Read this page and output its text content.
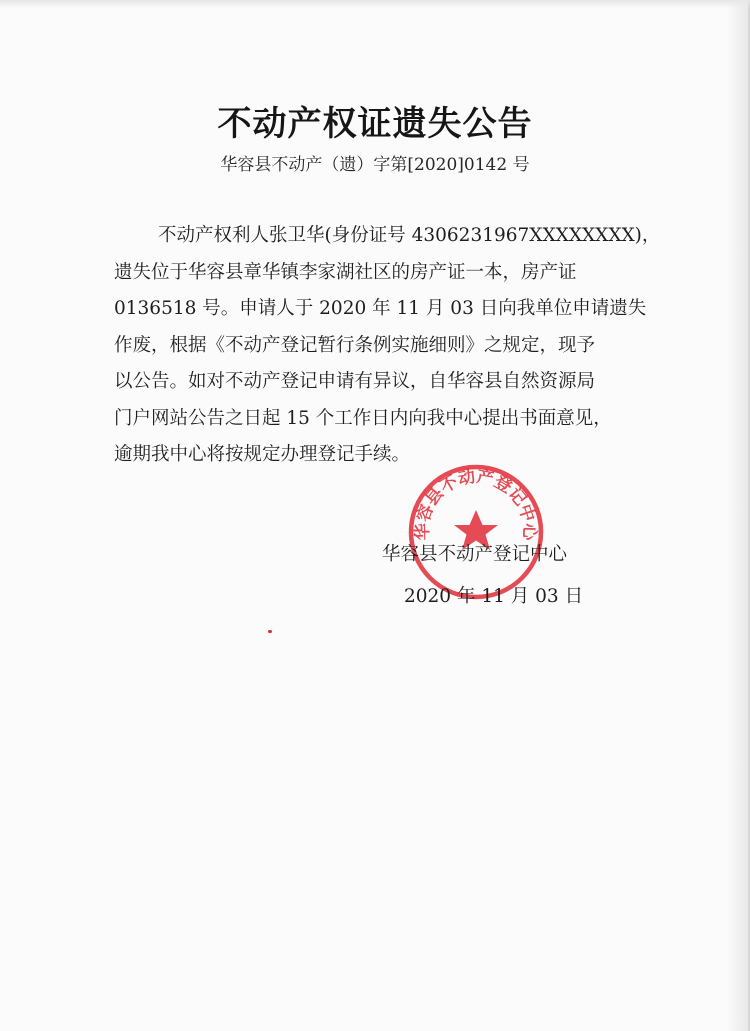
不动产权证遗失公告
华容县不动产（遗）字第[2020]0142 号
不动产权利人张卫华(身份证号 4306231967XXXXXXXX)，
遗失位于华容县章华镇李家湖社区的房产证一本，房产证
0136518 号。申请人于 2020 年 11 月 03 日向我单位申请遗失
作废，根据《不动产登记暂行条例实施细则》之规定，现予
以公告。如对不动产登记申请有异议，自华容县自然资源局
门户网站公告之日起 15 个工作日内向我中心提出书面意见，
逾期我中心将按规定办理登记手续。
华容县不动产登记中心
华容县不动产登记中心
2020 年 11 月 03 日
